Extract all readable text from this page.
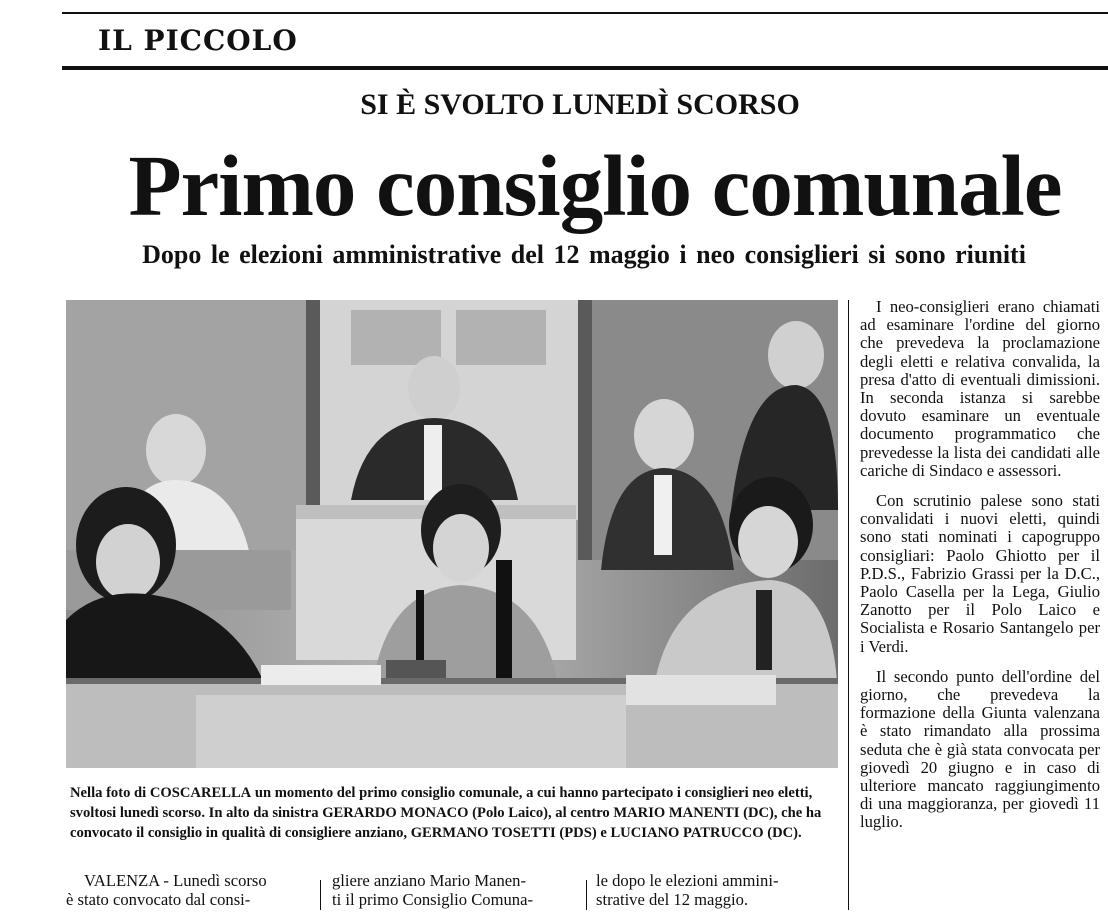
IL PICCOLO
SI È SVOLTO LUNEDÌ SCORSO
Primo consiglio comunale
Dopo le elezioni amministrative del 12 maggio i neo consiglieri si sono riuniti
Nella foto di COSCARELLA un momento del primo consiglio comunale, a cui hanno partecipato i consiglieri neo eletti, svoltosi lunedì scorso. In alto da sinistra GERARDO MONACO (Polo Laico), al centro MARIO MANENTI (DC), che ha convocato il consiglio in qualità di consigliere anziano, GERMANO TOSETTI (PDS) e LUCIANO PATRUCCO (DC).

I neo-consiglieri erano chiamati ad esaminare l'ordine del giorno che prevedeva la proclamazione degli eletti e relativa convalida, la presa d'atto di eventuali dimissioni. In seconda istanza si sarebbe dovuto esaminare un eventuale documento programmatico che prevedesse la lista dei candidati alle cariche di Sindaco e assessori.

Con scrutinio palese sono stati convalidati i nuovi eletti, quindi sono stati nominati i capogruppo consigliari: Paolo Ghiotto per il P.D.S., Fabrizio Grassi per la D.C., Paolo Casella per la Lega, Giulio Zanotto per il Polo Laico e Socialista e Rosario Santangelo per i Verdi.

Il secondo punto dell'ordine del giorno, che prevedeva la formazione della Giunta valenzana è stato rimandato alla prossima seduta che è già stata convocata per giovedì 20 giugno e in caso di ulteriore mancato raggiungimento di una maggioranza, per giovedì 11 luglio.

VALENZA - Lunedì scorso
è stato convocato dal consi-
gliere anziano Mario Manen-
ti il primo Consiglio Comuna-
le dopo le elezioni ammini-
strative del 12 maggio.
